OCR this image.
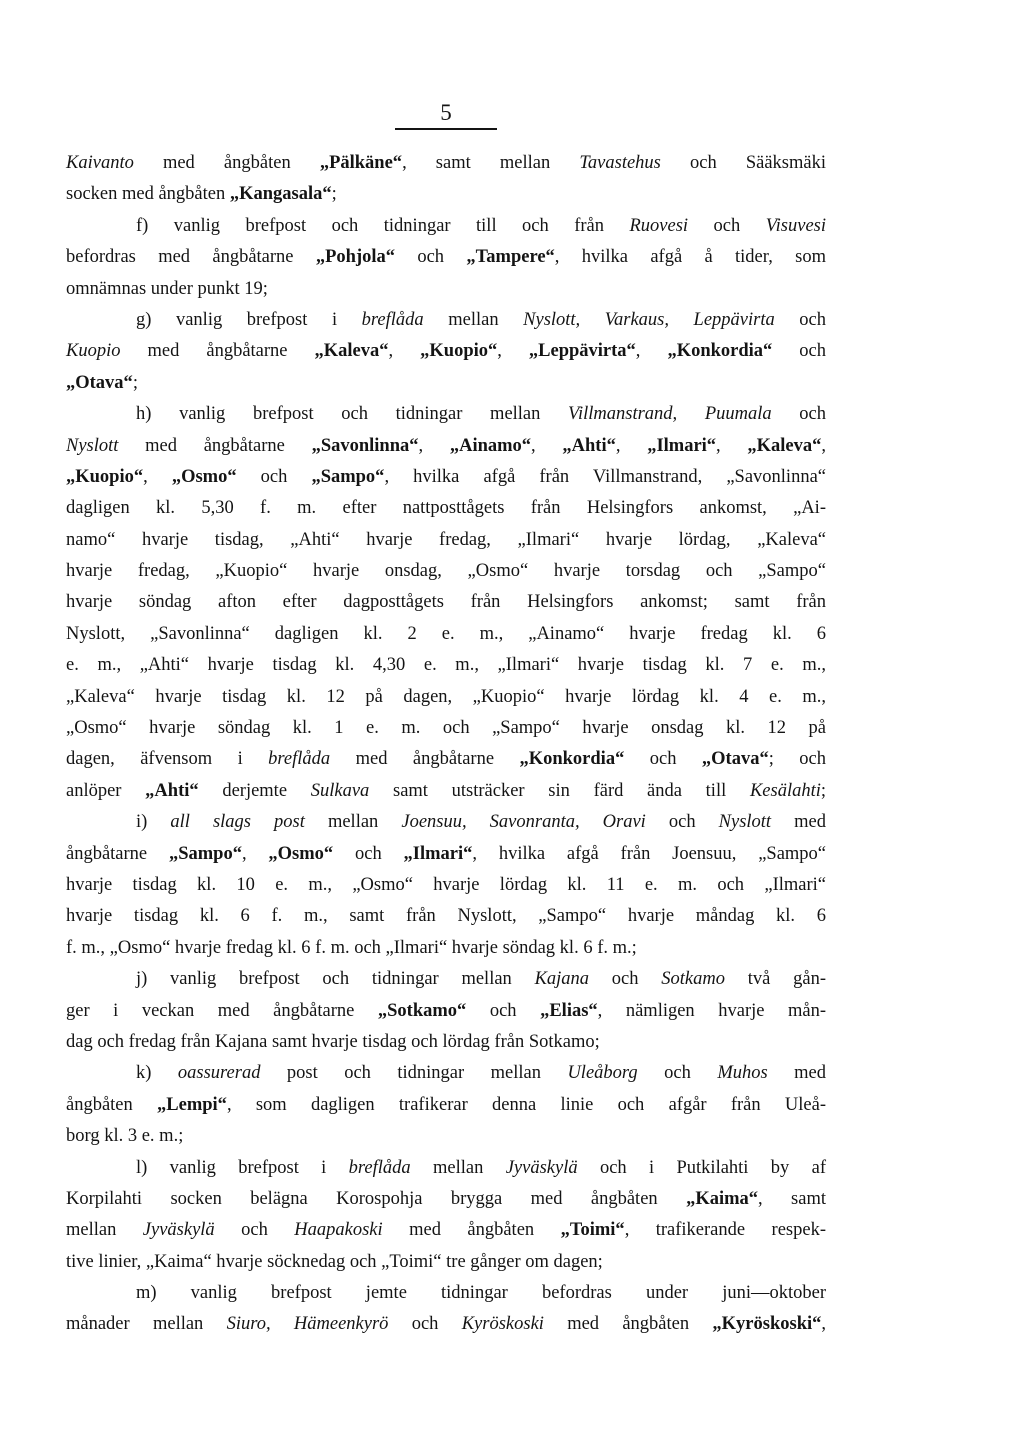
5
Kaivanto med ångbåten „Pälkäne“, samt mellan Tavastehus och Sääksmäki
socken med ångbåten „Kangasala“;
f) vanlig brefpost och tidningar till och från Ruovesi och Visuvesi
befordras med ångbåtarne „Pohjola“ och „Tampere“, hvilka afgå å tider, som
omnämnas under punkt 19;
g) vanlig brefpost i breflåda mellan Nyslott, Varkaus, Leppävirta och
Kuopio med ångbåtarne „Kaleva“, „Kuopio“, „Leppävirta“, „Konkordia“ och
„Otava“;
h) vanlig brefpost och tidningar mellan Villmanstrand, Puumala och
Nyslott med ångbåtarne „Savonlinna“, „Ainamo“, „Ahti“, „Ilmari“, „Kaleva“,
„Kuopio“, „Osmo“ och „Sampo“, hvilka afgå från Villmanstrand, „Savonlinna“
dagligen kl. 5,30 f. m. efter nattposttågets från Helsingfors ankomst, „Ai-
namo“ hvarje tisdag, „Ahti“ hvarje fredag, „Ilmari“ hvarje lördag, „Kaleva“
hvarje fredag, „Kuopio“ hvarje onsdag, „Osmo“ hvarje torsdag och „Sampo“
hvarje söndag afton efter dagposttågets från Helsingfors ankomst; samt från
Nyslott, „Savonlinna“ dagligen kl. 2 e. m., „Ainamo“ hvarje fredag kl. 6
e. m., „Ahti“ hvarje tisdag kl. 4,30 e. m., „Ilmari“ hvarje tisdag kl. 7 e. m.,
„Kaleva“ hvarje tisdag kl. 12 på dagen, „Kuopio“ hvarje lördag kl. 4 e. m.,
„Osmo“ hvarje söndag kl. 1 e. m. och „Sampo“ hvarje onsdag kl. 12 på
dagen, äfvensom i breflåda med ångbåtarne „Konkordia“ och „Otava“; och
anlöper „Ahti“ derjemte Sulkava samt utsträcker sin färd ända till Kesälahti;
i) all slags post mellan Joensuu, Savonranta, Oravi och Nyslott med
ångbåtarne „Sampo“, „Osmo“ och „Ilmari“, hvilka afgå från Joensuu, „Sampo“
hvarje tisdag kl. 10 e. m., „Osmo“ hvarje lördag kl. 11 e. m. och „Ilmari“
hvarje tisdag kl. 6 f. m., samt från Nyslott, „Sampo“ hvarje måndag kl. 6
f. m., „Osmo“ hvarje fredag kl. 6 f. m. och „Ilmari“ hvarje söndag kl. 6 f. m.;
j) vanlig brefpost och tidningar mellan Kajana och Sotkamo två gån-
ger i veckan med ångbåtarne „Sotkamo“ och „Elias“, nämligen hvarje mån-
dag och fredag från Kajana samt hvarje tisdag och lördag från Sotkamo;
k) oassurerad post och tidningar mellan Uleåborg och Muhos med
ångbåten „Lempi“, som dagligen trafikerar denna linie och afgår från Uleå-
borg kl. 3 e. m.;
l) vanlig brefpost i breflåda mellan Jyväskylä och i Putkilahti by af
Korpilahti socken belägna Korospohja brygga med ångbåten „Kaima“, samt
mellan Jyväskylä och Haapakoski med ångbåten „Toimi“, trafikerande respek-
tive linier, „Kaima“ hvarje söcknedag och „Toimi“ tre gånger om dagen;
m) vanlig brefpost jemte tidningar befordras under juni—oktober
månader mellan Siuro, Hämeenkyrö och Kyröskoski med ångbåten „Kyröskoski“,
